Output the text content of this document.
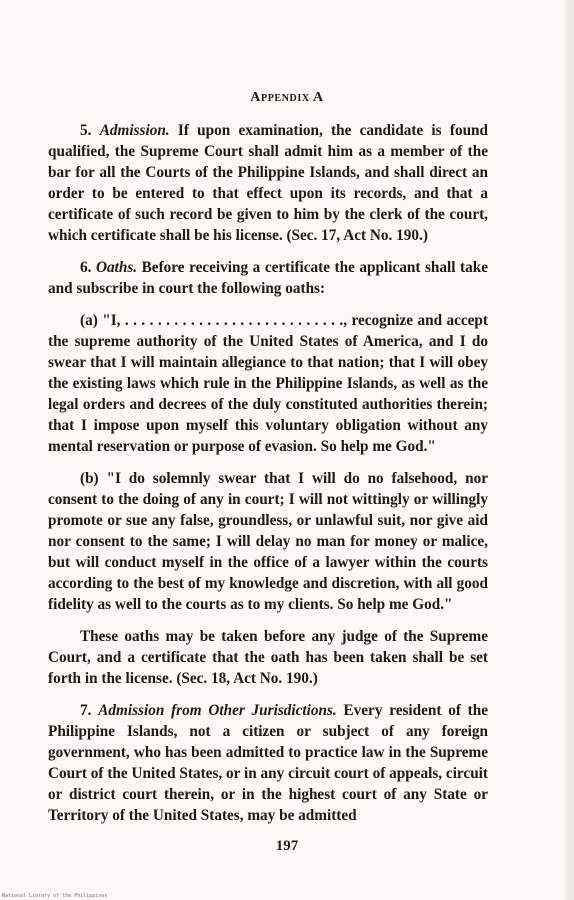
Appendix A

5. Admission. If upon examination, the candidate is found qualified, the Supreme Court shall admit him as a member of the bar for all the Courts of the Philippine Islands, and shall direct an order to be entered to that effect upon its records, and that a certificate of such record be given to him by the clerk of the court, which certificate shall be his license. (Sec. 17, Act No. 190.)

6. Oaths. Before receiving a certificate the applicant shall take and subscribe in court the following oaths:

(a) "I, . . . . . . . . . . . . . . . . . . . . . . . . . . ., recognize and accept the supreme authority of the United States of America, and I do swear that I will maintain allegiance to that nation; that I will obey the existing laws which rule in the Philippine Islands, as well as the legal orders and decrees of the duly constituted authorities therein; that I impose upon myself this voluntary obligation without any mental reservation or purpose of evasion. So help me God."

(b) "I do solemnly swear that I will do no falsehood, nor consent to the doing of any in court; I will not wittingly or willingly promote or sue any false, groundless, or unlawful suit, nor give aid nor consent to the same; I will delay no man for money or malice, but will conduct myself in the office of a lawyer within the courts according to the best of my knowledge and discretion, with all good fidelity as well to the courts as to my clients. So help me God."

These oaths may be taken before any judge of the Supreme Court, and a certificate that the oath has been taken shall be set forth in the license. (Sec. 18, Act No. 190.)

7. Admission from Other Jurisdictions. Every resident of the Philippine Islands, not a citizen or subject of any foreign government, who has been admitted to practice law in the Supreme Court of the United States, or in any circuit court of appeals, circuit or district court therein, or in the highest court of any State or Territory of the United States, may be admitted

197
National Library of the Philippines
